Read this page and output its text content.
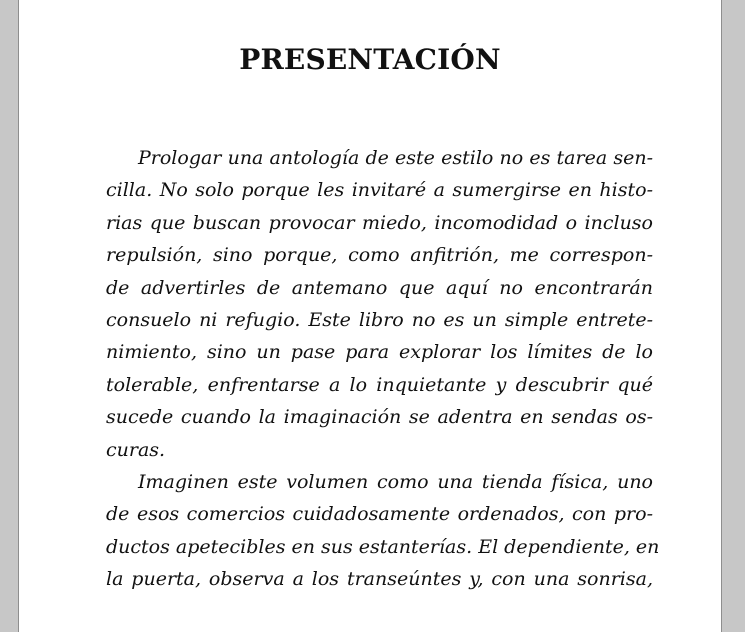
PRESENTACIÓN
Prologar una antología de este estilo no es tarea sen-
cilla. No solo porque les invitaré a sumergirse en histo-
rias que buscan provocar miedo, incomodidad o incluso
repulsión, sino porque, como anfitrión, me correspon-
de advertirles de antemano que aquí no encontrarán
consuelo ni refugio. Este libro no es un simple entrete-
nimiento, sino un pase para explorar los límites de lo
tolerable, enfrentarse a lo inquietante y descubrir qué
sucede cuando la imaginación se adentra en sendas os-
curas.
Imaginen este volumen como una tienda física, uno
de esos comercios cuidadosamente ordenados, con pro-
ductos apetecibles en sus estanterías. El dependiente, en
la puerta, observa a los transeúntes y, con una sonrisa,
